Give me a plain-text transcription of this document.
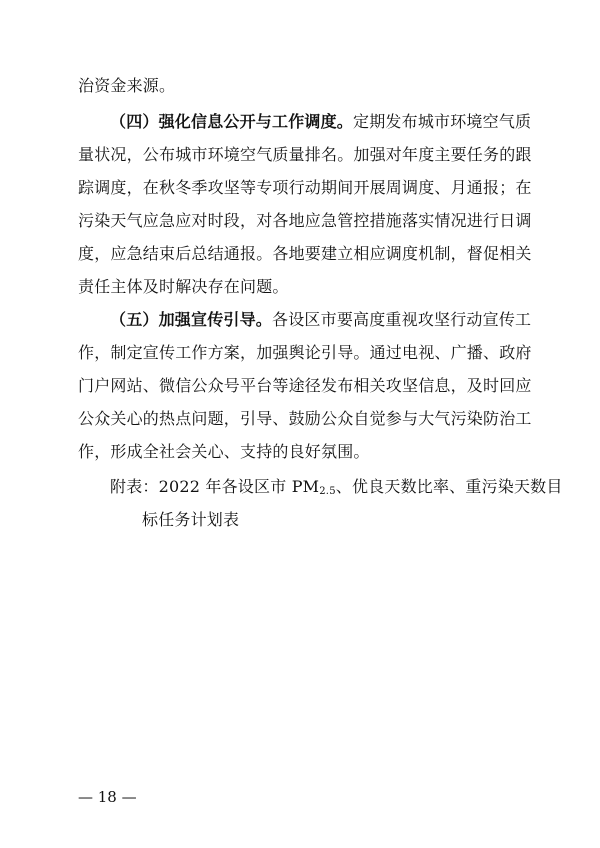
治资金来源。
（四）强化信息公开与工作调度。定期发布城市环境空气质
量状况，公布城市环境空气质量排名。加强对年度主要任务的跟
踪调度，在秋冬季攻坚等专项行动期间开展周调度、月通报；在
污染天气应急应对时段，对各地应急管控措施落实情况进行日调
度，应急结束后总结通报。各地要建立相应调度机制，督促相关
责任主体及时解决存在问题。
（五）加强宣传引导。各设区市要高度重视攻坚行动宣传工
作，制定宣传工作方案，加强舆论引导。通过电视、广播、政府
门户网站、微信公众号平台等途径发布相关攻坚信息，及时回应
公众关心的热点问题，引导、鼓励公众自觉参与大气污染防治工
作，形成全社会关心、支持的良好氛围。
附表：2022 年各设区市 $PM_{2.5}$、优良天数比率、重污染天数目
标任务计划表
— 18 —
